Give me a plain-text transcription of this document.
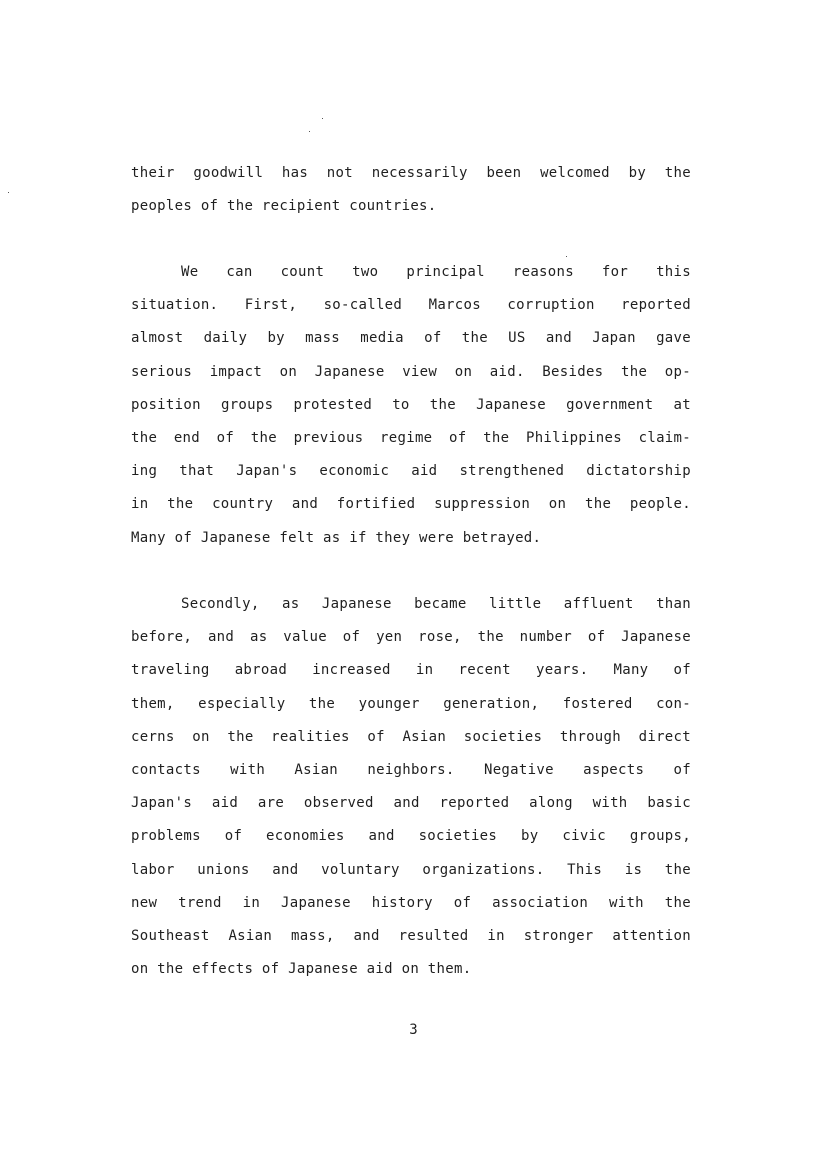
their goodwill has not necessarily been welcomed by the
peoples of the recipient countries.
We can count two principal reasons for this
situation. First, so-called Marcos corruption reported
almost daily by mass media of the US and Japan gave
serious impact on Japanese view on aid. Besides the op-
position groups protested to the Japanese government at
the end of the previous regime of the Philippines claim-
ing that Japan's economic aid strengthened dictatorship
in the country and fortified suppression on the people.
Many of Japanese felt as if they were betrayed.
Secondly, as Japanese became little affluent than
before, and as value of yen rose, the number of Japanese
traveling abroad increased in recent years. Many of
them, especially the younger generation, fostered con-
cerns on the realities of Asian societies through direct
contacts with Asian neighbors. Negative aspects of
Japan's aid are observed and reported along with basic
problems of economies and societies by civic groups,
labor unions and voluntary organizations. This is the
new trend in Japanese history of association with the
Southeast Asian mass, and resulted in stronger attention
on the effects of Japanese aid on them.
3
